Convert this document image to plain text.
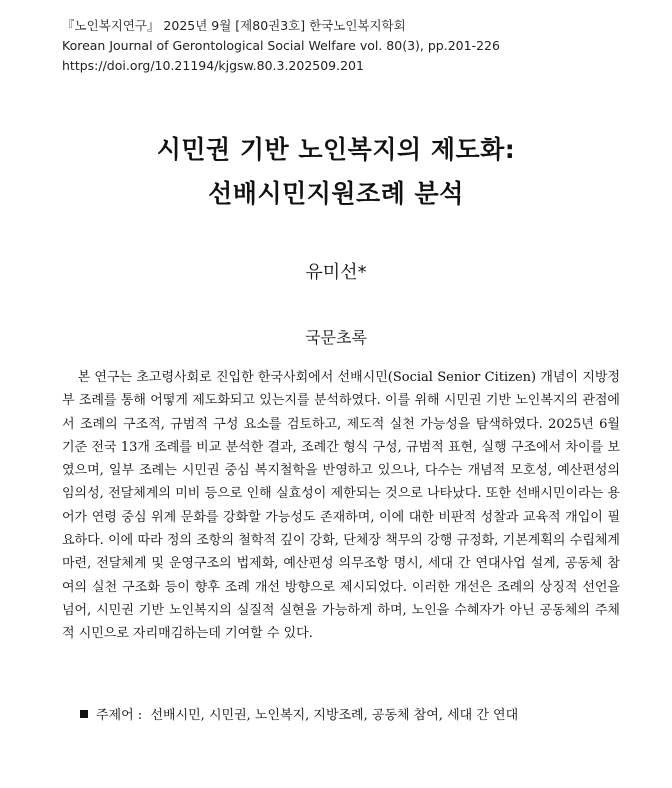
『노인복지연구』 2025년 9월 [제80권3호] 한국노인복지학회
Korean Journal of Gerontological Social Welfare vol. 80(3), pp.201-226
https://doi.org/10.21194/kjgsw.80.3.202509.201
시민권 기반 노인복지의 제도화:
선배시민지원조례 분석
유미선*
국문초록

본 연구는 초고령사회로 진입한 한국사회에서 선배시민(Social Senior Citizen) 개념이 지방정부 조례를 통해 어떻게 제도화되고 있는지를 분석하였다. 이를 위해 시민권 기반 노인복지의 관점에서 조례의 구조적, 규범적 구성 요소를 검토하고, 제도적 실천 가능성을 탐색하였다. 2025년 6월 기준 전국 13개 조례를 비교 분석한 결과, 조례간 형식 구성, 규범적 표현, 실행 구조에서 차이를 보였으며, 일부 조례는 시민권 중심 복지철학을 반영하고 있으나, 다수는 개념적 모호성, 예산편성의 임의성, 전달체계의 미비 등으로 인해 실효성이 제한되는 것으로 나타났다. 또한 선배시민이라는 용어가 연령 중심 위계 문화를 강화할 가능성도 존재하며, 이에 대한 비판적 성찰과 교육적 개입이 필요하다. 이에 따라 정의 조항의 철학적 깊이 강화, 단체장 책무의 강행 규정화, 기본계획의 수립체계 마련, 전달체계 및 운영구조의 법제화, 예산편성 의무조항 명시, 세대 간 연대사업 설계, 공동체 참여의 실천 구조화 등이 향후 조례 개선 방향으로 제시되었다. 이러한 개선은 조례의 상징적 선언을 넘어, 시민권 기반 노인복지의 실질적 실현을 가능하게 하며, 노인을 수혜자가 아닌 공동체의 주체적 시민으로 자리매김하는데 기여할 수 있다.

주제어 : 선배시민, 시민권, 노인복지, 지방조례, 공동체 참여, 세대 간 연대
